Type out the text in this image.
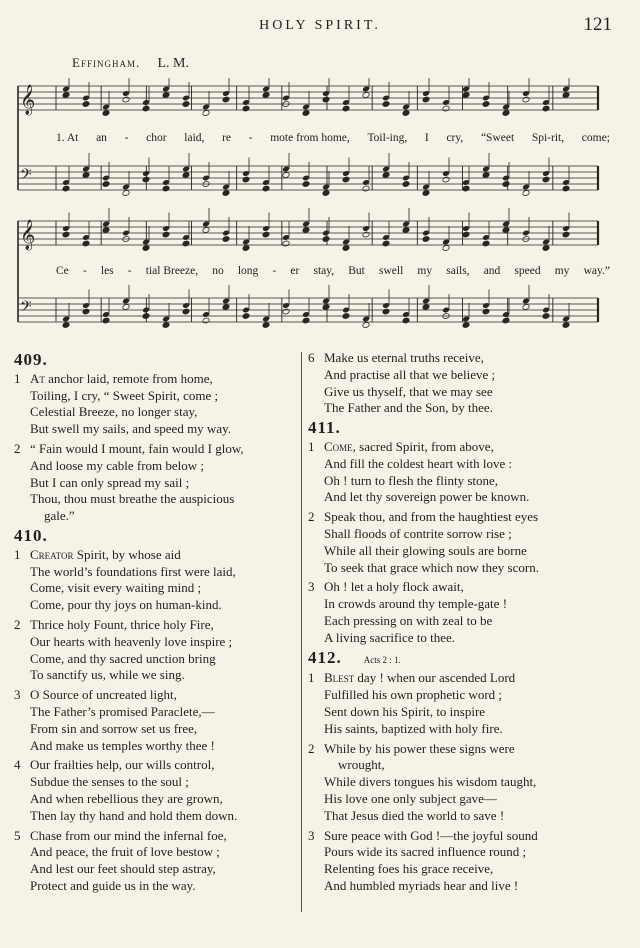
HOLY SPIRIT.	121
Effingham. L. M.
𝄞
𝄢
𝄞
𝄢
1. At an - chor laid, re - mote from home, Toil-ing, I cry, “Sweet Spi-rit, come;
Ce - les - tial Breeze, no long - er stay, But swell my sails, and speed my way.”
409.
1 At anchor laid, remote from home,
Toiling, I cry, “ Sweet Spirit, come ;
Celestial Breeze, no longer stay,
But swell my sails, and speed my way.
2 “ Fain would I mount, fain would I glow,
And loose my cable from below ;
But I can only spread my sail ;
Thou, thou must breathe the auspicious
gale.”
410.
1 Creator Spirit, by whose aid
The world’s foundations first were laid,
Come, visit every waiting mind ;
Come, pour thy joys on human-kind.
2 Thrice holy Fount, thrice holy Fire,
Our hearts with heavenly love inspire ;
Come, and thy sacred unction bring
To sanctify us, while we sing.
3 O Source of uncreated light,
The Father’s promised Paraclete,—
From sin and sorrow set us free,
And make us temples worthy thee !
4 Our frailties help, our wills control,
Subdue the senses to the soul ;
And when rebellious they are grown,
Then lay thy hand and hold them down.
5 Chase from our mind the infernal foe,
And peace, the fruit of love bestow ;
And lest our feet should step astray,
Protect and guide us in the way.
6 Make us eternal truths receive,
And practise all that we believe ;
Give us thyself, that we may see
The Father and the Son, by thee.
411.
1 Come, sacred Spirit, from above,
And fill the coldest heart with love :
Oh ! turn to flesh the flinty stone,
And let thy sovereign power be known.
2 Speak thou, and from the haughtiest eyes
Shall floods of contrite sorrow rise ;
While all their glowing souls are borne
To seek that grace which now they scorn.
3 Oh ! let a holy flock await,
In crowds around thy temple-gate !
Each pressing on with zeal to be
A living sacrifice to thee.
412. Acts 2 : 1.
1 Blest day ! when our ascended Lord
Fulfilled his own prophetic word ;
Sent down his Spirit, to inspire
His saints, baptized with holy fire.
2 While by his power these signs were
wrought,
While divers tongues his wisdom taught,
His love one only subject gave—
That Jesus died the world to save !
3 Sure peace with God !—the joyful sound
Pours wide its sacred influence round ;
Relenting foes his grace receive,
And humbled myriads hear and live !
